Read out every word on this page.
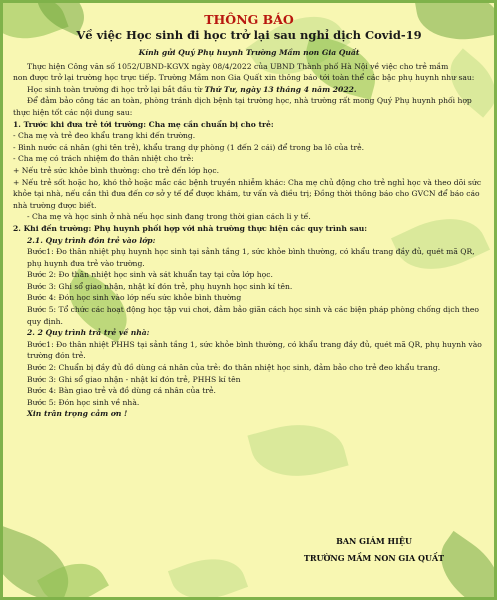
THÔNG BÁO
Về việc Học sinh đi học trở lại sau nghỉ dịch Covid-19
Kính gửi Quý Phụ huynh Trường Mầm non Gia Quất
Thực hiện Công văn số 1052/UBND-KGVX ngày 08/4/2022 của UBND Thành phố Hà Nội về việc cho trẻ mầm
non được trở lại trường học trực tiếp. Trường Mầm non Gia Quất xin thông báo tới toàn thể các bậc phụ huynh như sau:
Học sinh toàn trường đi học trở lại bắt đầu từ Thứ Tư, ngày 13 tháng 4 năm 2022.
Để đảm bảo công tác an toàn, phòng tránh dịch bệnh tại trường học, nhà trường rất mong Quý Phụ huynh phối hợp
thực hiện tốt các nội dung sau:
1. Trước khi đưa trẻ tới trường: Cha mẹ cần chuẩn bị cho trẻ:
- Cha mẹ và trẻ đeo khẩu trang khi đến trường.
- Bình nước cá nhân (ghi tên trẻ), khẩu trang dự phòng (1 đến 2 cái) để trong ba lô của trẻ.
- Cha mẹ có trách nhiệm đo thân nhiệt cho trẻ:
+ Nếu trẻ sức khỏe bình thường: cho trẻ đến lớp học.
+ Nếu trẻ sốt hoặc ho, khó thở hoặc mắc các bệnh truyền nhiễm khác: Cha mẹ chủ động cho trẻ nghỉ học và theo dõi sức khỏe tại nhà, nếu cần thì đưa đến cơ sở y tế để được khám, tư vấn và điều trị; Đồng thời thông báo cho GVCN để báo cáo nhà trường được biết.
- Cha mẹ và học sinh ở nhà nếu học sinh đang trong thời gian cách li y tế.
2. Khi đến trường: Phụ huynh phối hợp với nhà trường thực hiện các quy trình sau:
2.1. Quy trình đón trẻ vào lớp:
Bước1: Đo thân nhiệt phụ huynh học sinh tại sảnh tầng 1, sức khỏe bình thường, có khẩu trang đầy đủ, quét mã QR, phụ huynh đưa trẻ vào trường.
Bước 2: Đo thân nhiệt học sinh và sát khuẩn tay tại cửa lớp học.
Bước 3: Ghi sổ giao nhận, nhật kí đón trẻ, phụ huynh học sinh kí tên.
Bước 4: Đón học sinh vào lớp nếu sức khỏe bình thường
Bước 5: Tổ chức các hoạt động học tập vui chơi, đảm bảo giãn cách học sinh và các biện pháp phòng chống dịch theo quy định.
2. 2 Quy trình trả trẻ về nhà:
Bước1: Đo thân nhiệt PHHS tại sảnh tầng 1, sức khỏe bình thường, có khẩu trang đầy đủ, quét mã QR, phụ huynh vào trường đón trẻ.
Bước 2: Chuẩn bị đầy đủ đồ dùng cá nhân của trẻ: đo thân nhiệt học sinh, đảm bảo cho trẻ đeo khẩu trang.
Bước 3: Ghi sổ giao nhận - nhật kí đón trẻ, PHHS kí tên
Bước 4: Bàn giao trẻ và đồ dùng cá nhân của trẻ.
Bước 5: Đón học sinh về nhà.
Xin trân trọng cảm ơn !
BAN GIÁM HIỆU
TRƯỜNG MẦM NON GIA QUẤT
